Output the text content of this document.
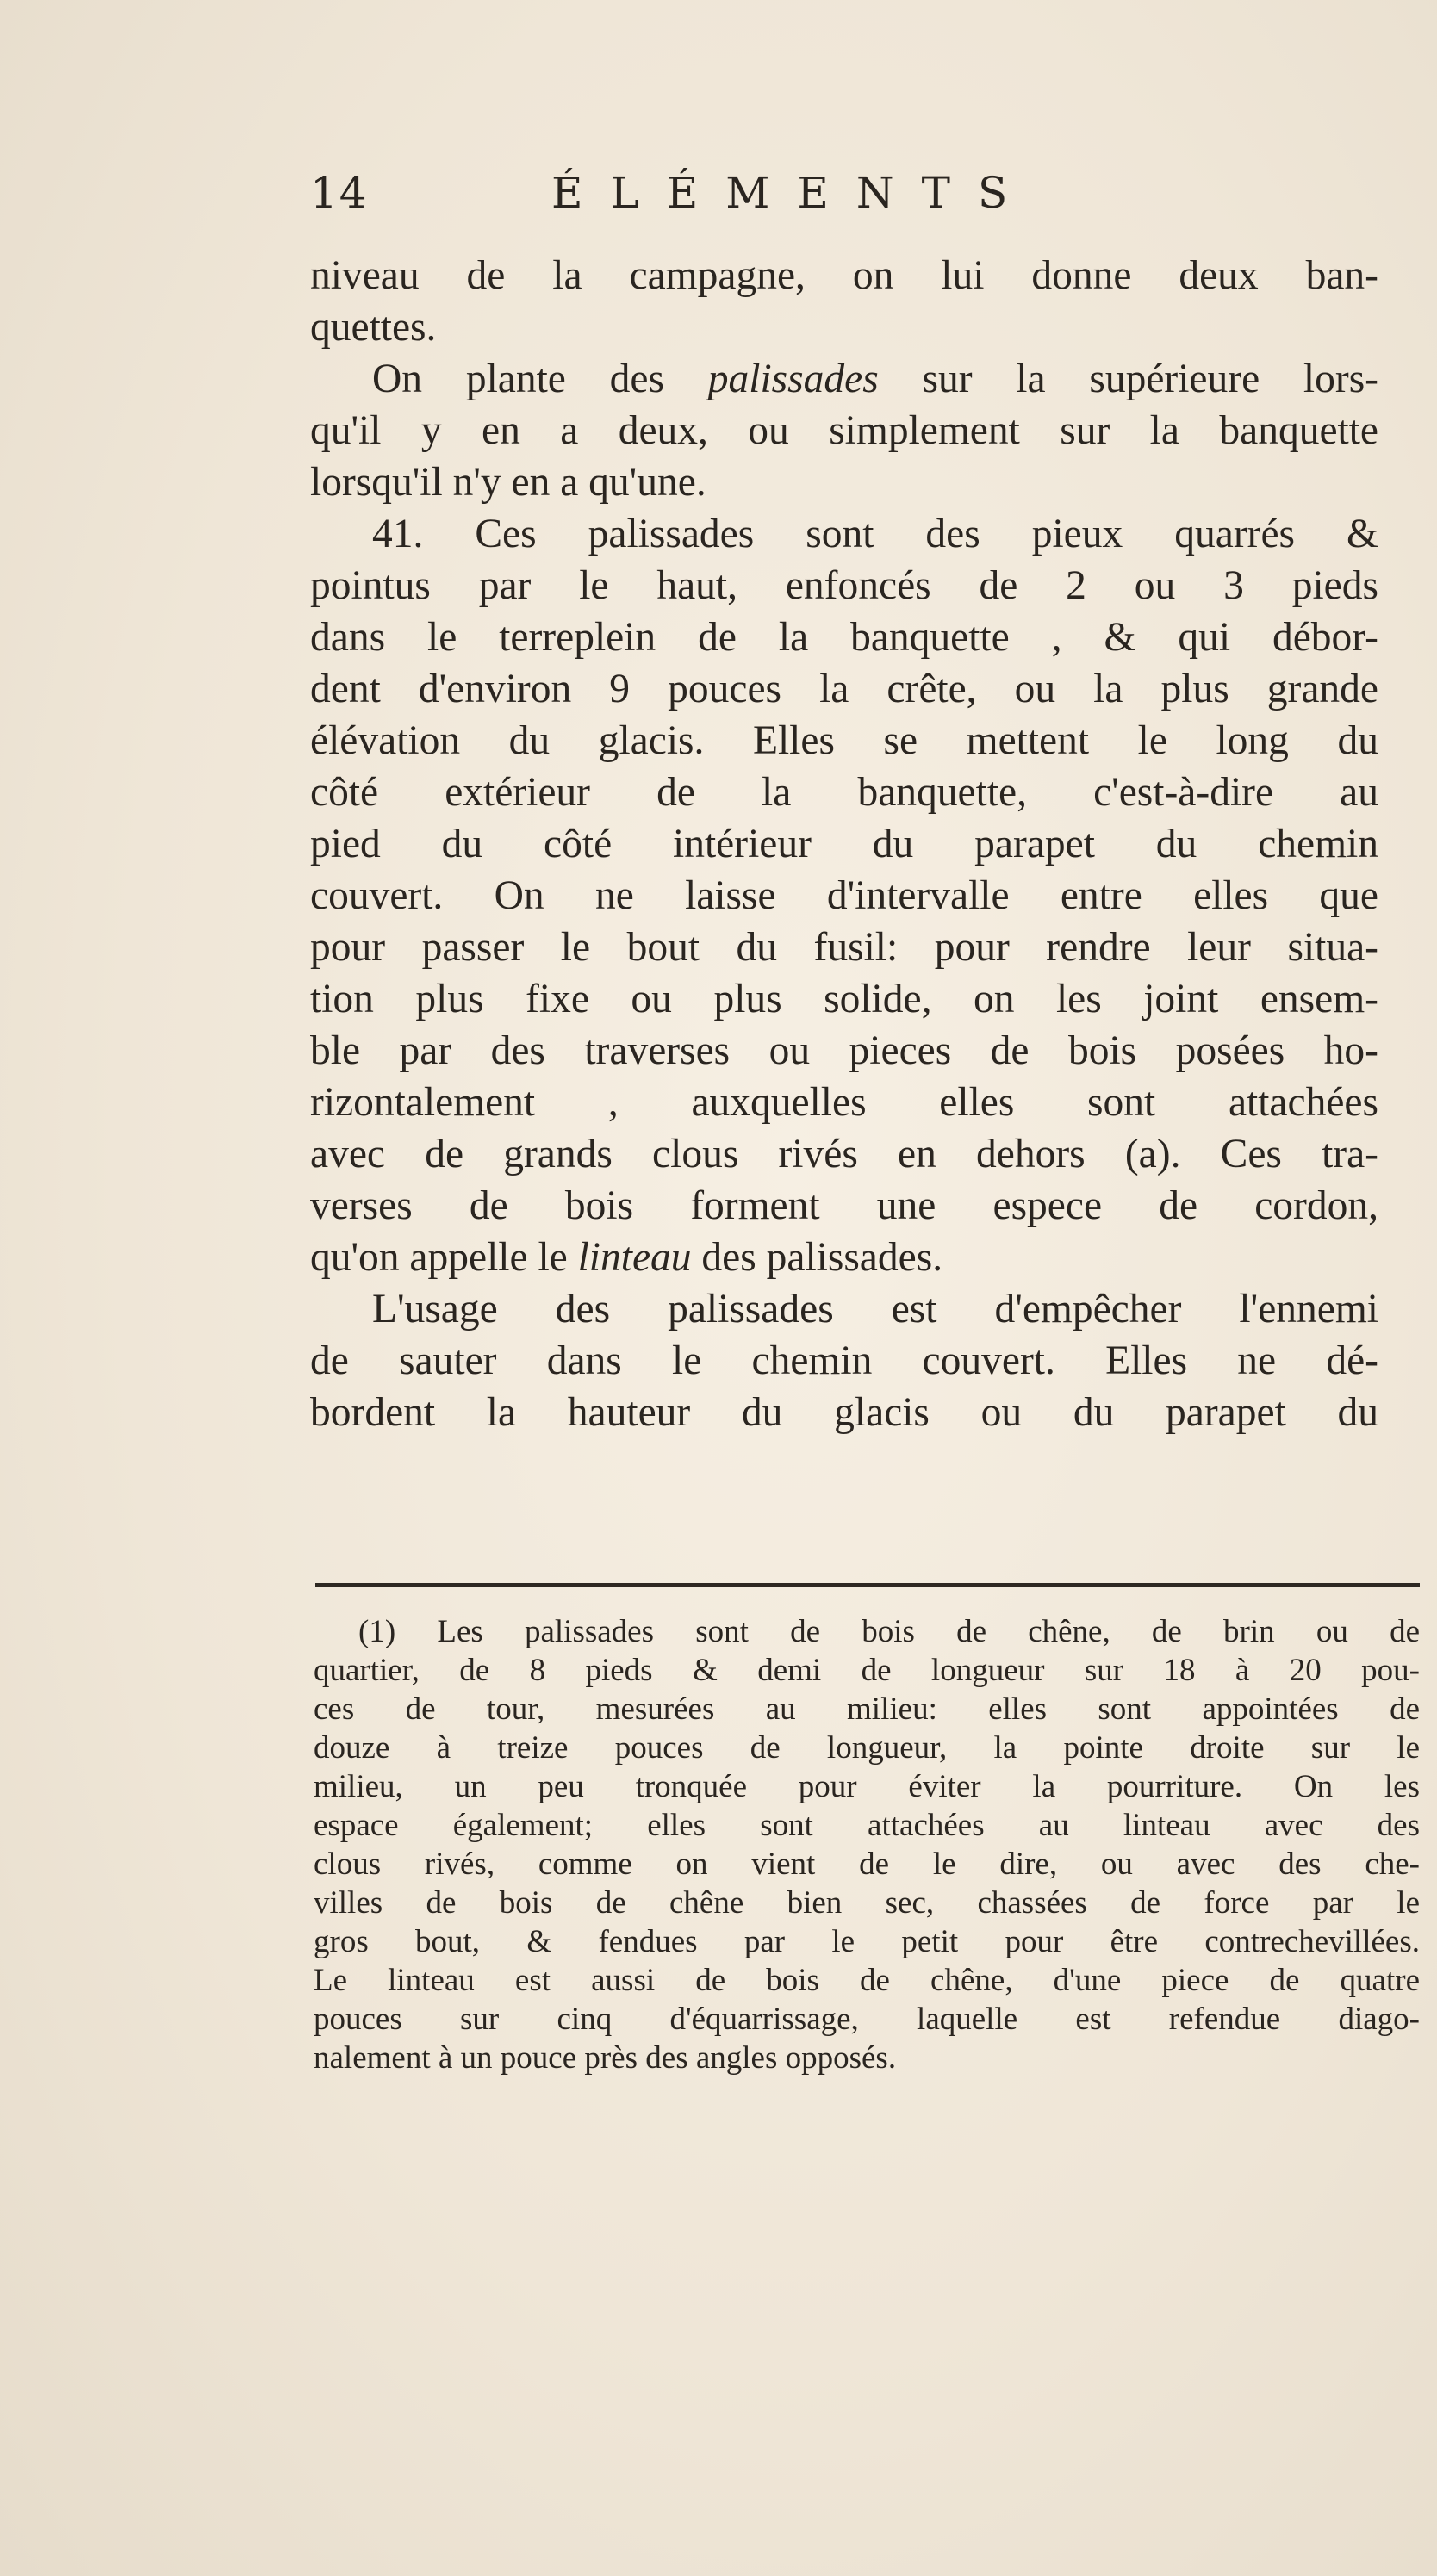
14	ÉLÉMENTS
niveau de la campagne, on lui donne deux ban-
quettes.
On plante des palissades sur la supérieure lors-
qu'il y en a deux, ou simplement sur la banquette
lorsqu'il n'y en a qu'une.
41. Ces palissades sont des pieux quarrés &
pointus par le haut, enfoncés de 2 ou 3 pieds
dans le terreplein de la banquette , & qui débor-
dent d'environ 9 pouces la crête, ou la plus grande
élévation du glacis. Elles se mettent le long du
côté extérieur de la banquette, c'est-à-dire au
pied du côté intérieur du parapet du chemin
couvert. On ne laisse d'intervalle entre elles que
pour passer le bout du fusil: pour rendre leur situa-
tion plus fixe ou plus solide, on les joint ensem-
ble par des traverses ou pieces de bois posées ho-
rizontalement , auxquelles elles sont attachées
avec de grands clous rivés en dehors (a). Ces tra-
verses de bois forment une espece de cordon,
qu'on appelle le linteau des palissades.
L'usage des palissades est d'empêcher l'ennemi
de sauter dans le chemin couvert. Elles ne dé-
bordent la hauteur du glacis ou du parapet du
(1) Les palissades sont de bois de chêne, de brin ou de
quartier, de 8 pieds & demi de longueur sur 18 à 20 pou-
ces de tour, mesurées au milieu: elles sont appointées de
douze à treize pouces de longueur, la pointe droite sur le
milieu, un peu tronquée pour éviter la pourriture. On les
espace également; elles sont attachées au linteau avec des
clous rivés, comme on vient de le dire, ou avec des che-
villes de bois de chêne bien sec, chassées de force par le
gros bout, & fendues par le petit pour être contrechevillées.
Le linteau est aussi de bois de chêne, d'une piece de quatre
pouces sur cinq d'équarrissage, laquelle est refendue diago-
nalement à un pouce près des angles opposés.
